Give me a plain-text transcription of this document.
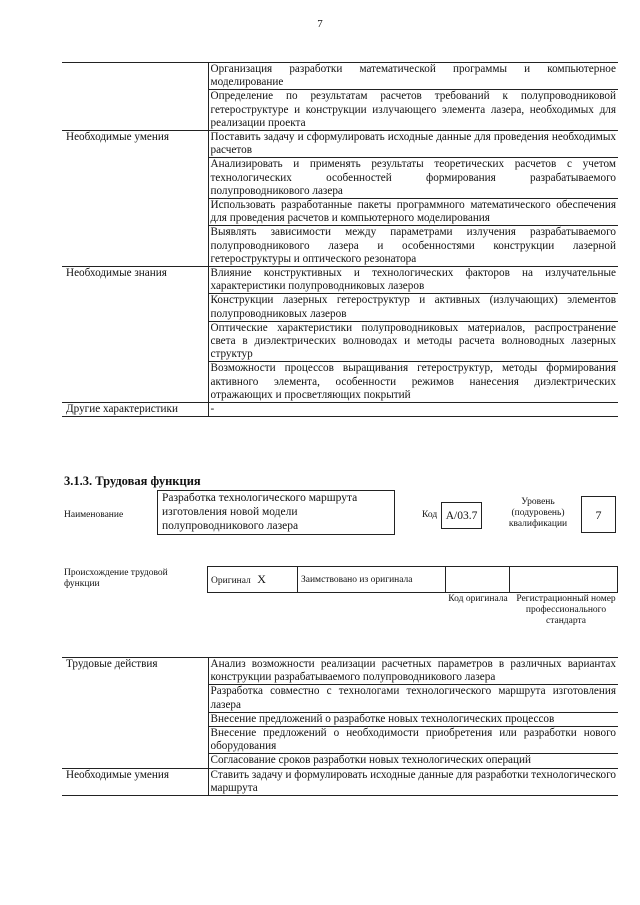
7
	Организация разработки математической программы и компьютерное моделирование
	Определение по результатам расчетов требований к полупроводниковой гетероструктуре и конструкции излучающего элемента лазера, необходимых для реализации проекта
Необходимые умения	Поставить задачу и сформулировать исходные данные для проведения необходимых расчетов
	Анализировать и применять результаты теоретических расчетов с учетом технологических особенностей формирования разрабатываемого полупроводникового лазера
	Использовать разработанные пакеты программного математического обеспечения для проведения расчетов и компьютерного моделирования
	Выявлять зависимости между параметрами излучения разрабатываемого полупроводникового лазера и особенностями конструкции лазерной гетероструктуры и оптического резонатора
Необходимые знания	Влияние конструктивных и технологических факторов на излучательные характеристики полупроводниковых лазеров
	Конструкции лазерных гетероструктур и активных (излучающих) элементов полупроводниковых лазеров
	Оптические характеристики полупроводниковых материалов, распространение света в диэлектрических волноводах и методы расчета волноводных лазерных структур
	Возможности процессов выращивания гетероструктур, методы формирования активного элемента, особенности режимов нанесения диэлектрических отражающих и просветляющих покрытий
Другие характеристики	-
3.1.3. Трудовая функция
Наименование
Разработка технологического маршрута изготовления новой модели полупроводникового лазера
Код А/03.7
Уровень (подуровень) квалификации
7
Происхождение трудовой функции	Оригинал X	Заимствовано из оригинала		
Код оригинала Регистрационный номер профессионального стандарта
Трудовые действия	Анализ возможности реализации расчетных параметров в различных вариантах конструкции разрабатываемого полупроводникового лазера
	Разработка совместно с технологами технологического маршрута изготовления лазера
	Внесение предложений о разработке новых технологических процессов
	Внесение предложений о необходимости приобретения или разработки нового оборудования
	Согласование сроков разработки новых технологических операций
Необходимые умения	Ставить задачу и формулировать исходные данные для разработки технологического маршрута
